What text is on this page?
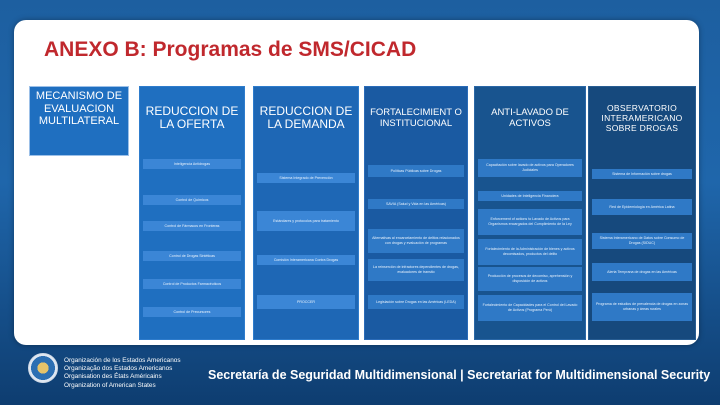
ANEXO B: Programas de SMS/CICAD
MECANISMO DE EVALUACION MULTILATERAL
REDUCCION DE LA OFERTA
Inteligencia Antidrogas
Control de Químicos
Control de Fármacos en Fronteras
Control de Drogas Sintéticas
Control de Productos Farmacéuticos
Control de Precursores
REDUCCION DE LA DEMANDA
Sistema Integrado de Prevención
Estándares y protocolos para tratamiento
Comisión Interamericana Contra Drogas
PROCCER
FORTALECIMIENT O INSTITUCIONAL
Políticas Públicas sobre Drogas
SAVIA (Salud y Vida en las Américas)
Alternativas al encarcelamiento de delitos relacionados con drogas y evaluación de programas
La reinserción de infractores dependientes de drogas, evaluadores de transito
Legislación sobre Drogas en las Américas (LEDA)
ANTI-LAVADO DE ACTIVOS
Capacitación sobre lavado de activos para Operadores Judiciales
Unidades de Inteligencia Financiera
Enforcement of actions to Lavado de Activos para Organismos encargados del Cumplimiento de la Ley
Fortalecimiento de la Administración de bienes y activos decomisados, productos del delito
Producción de procesos de decomiso, aprehensión y disposición de activos
Fortalecimiento de Capacidades para el Control del Lavado de Activos (Programa Perú)
OBSERVATORIO INTERAMERICANO SOBRE DROGAS
Sistema de Información sobre drogas
Red de Epidemiología en América Latina
Sistema Interamericano de Datos sobre Consumo de Drogas (SIDUC)
Alerta Temprana de drogas en las Américas
Programa de estudios de prevalencia de drogas en zonas urbanas y áreas rurales
Organización de los Estados Americanos
Organização dos Estados Americanos
Organisation des États Américains
Organization of American States
Secretaría de Seguridad Multidimensional | Secretariat for Multidimensional Security
